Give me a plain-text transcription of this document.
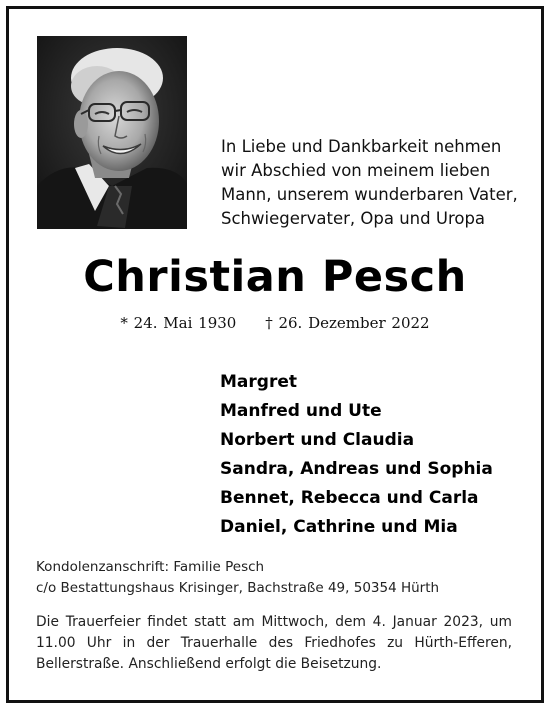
In Liebe und Dankbarkeit nehmen
wir Abschied von meinem lieben
Mann, unserem wunderbaren Vater,
Schwiegervater, Opa und Uropa
Christian Pesch
* 24. Mai 1930 † 26. Dezember 2022
Margret
Manfred und Ute
Norbert und Claudia
Sandra, Andreas und Sophia
Bennet, Rebecca und Carla
Daniel, Cathrine und Mia
Kondolenzanschrift: Familie Pesch
c/o Bestattungshaus Krisinger, Bachstraße 49, 50354 Hürth
Die Trauerfeier findet statt am Mittwoch, dem 4. Januar 2023, um
11.00 Uhr in der Trauerhalle des Friedhofes zu Hürth-Efferen,
Bellerstraße. Anschließend erfolgt die Beisetzung.
